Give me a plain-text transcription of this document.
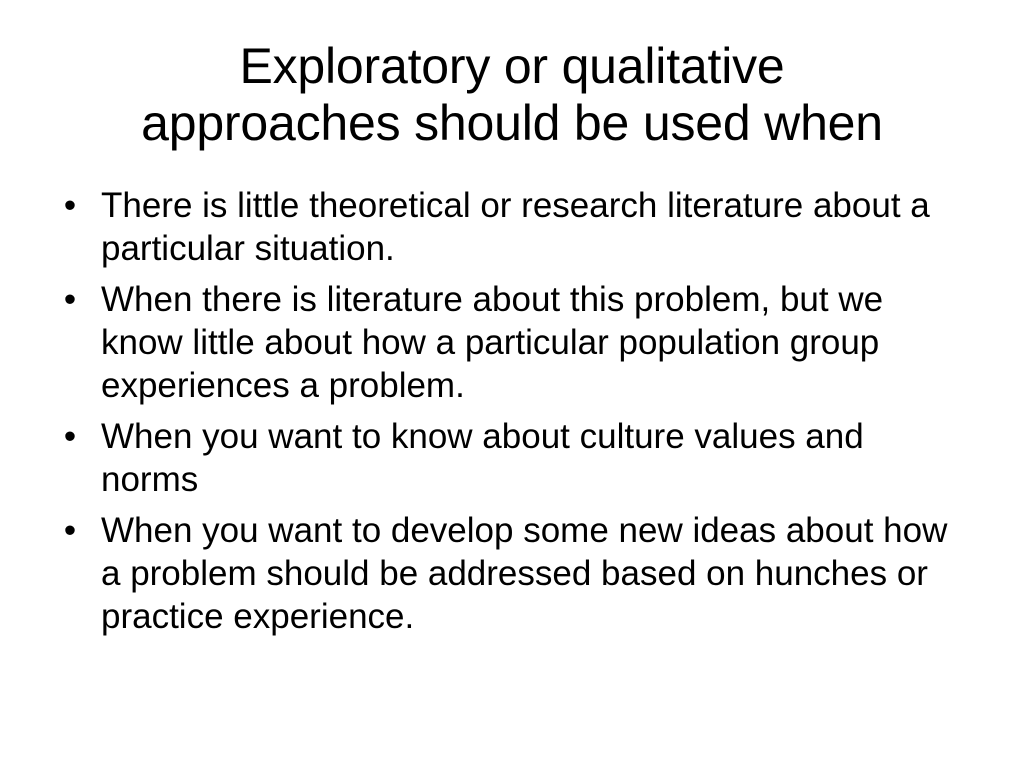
Exploratory or qualitative
approaches should be used when
• There is little theoretical or research literature about a particular situation.
• When there is literature about this problem, but we know little about how a particular population group experiences a problem.
• When you want to know about culture values and norms
• When you want to develop some new ideas about how a problem should be addressed based on hunches or practice experience.
